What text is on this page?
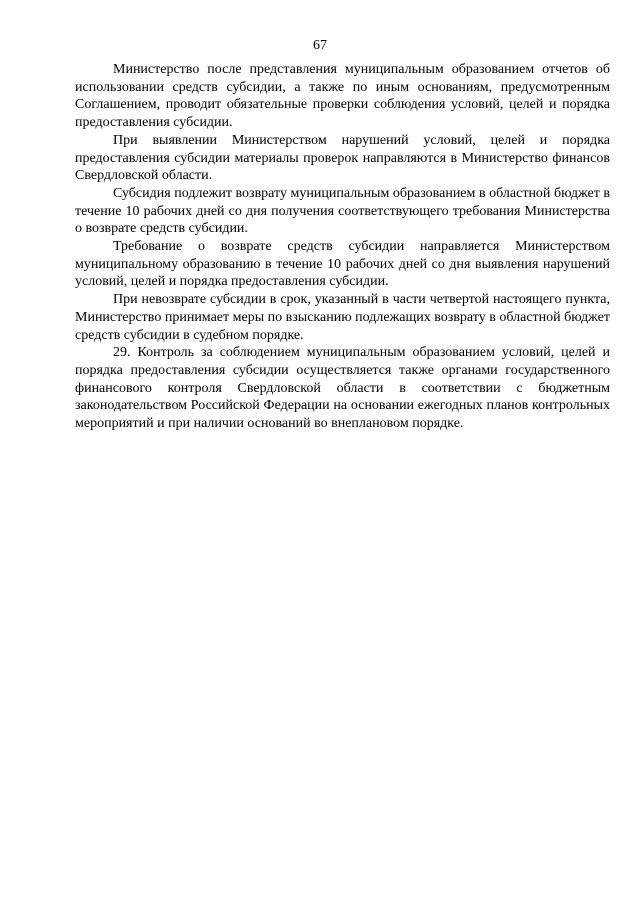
67

Министерство после представления муниципальным образованием отчетов об использовании средств субсидии, а также по иным основаниям, предусмотренным Соглашением, проводит обязательные проверки соблюдения условий, целей и порядка предоставления субсидии.

При выявлении Министерством нарушений условий, целей и порядка предоставления субсидии материалы проверок направляются в Министерство финансов Свердловской области.

Субсидия подлежит возврату муниципальным образованием в областной бюджет в течение 10 рабочих дней со дня получения соответствующего требования Министерства о возврате средств субсидии.

Требование о возврате средств субсидии направляется Министерством муниципальному образованию в течение 10 рабочих дней со дня выявления нарушений условий, целей и порядка предоставления субсидии.

При невозврате субсидии в срок, указанный в части четвертой настоящего пункта, Министерство принимает меры по взысканию подлежащих возврату в областной бюджет средств субсидии в судебном порядке.

29. Контроль за соблюдением муниципальным образованием условий, целей и порядка предоставления субсидии осуществляется также органами государственного финансового контроля Свердловской области в соответствии с бюджетным законодательством Российской Федерации на основании ежегодных планов контрольных мероприятий и при наличии оснований во внеплановом порядке.
